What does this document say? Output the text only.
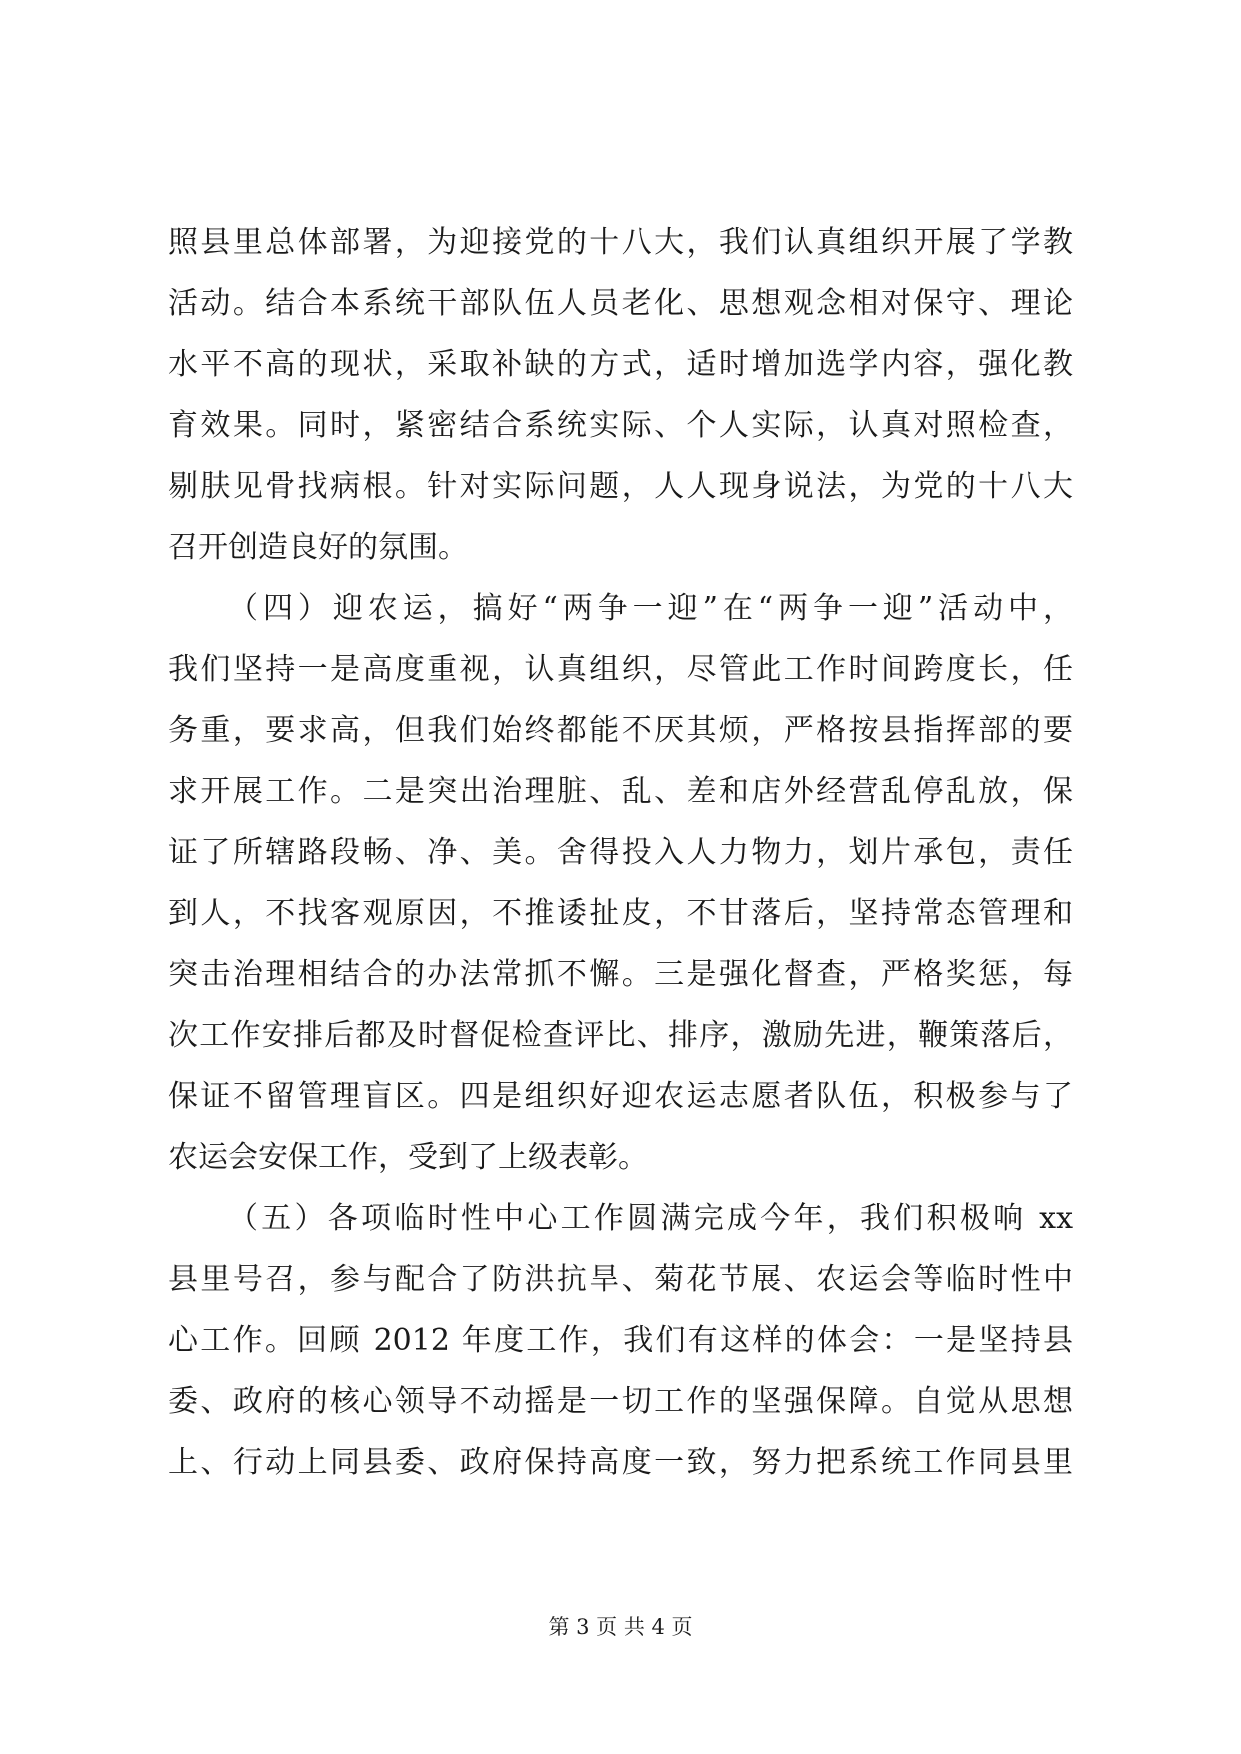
照县里总体部署，为迎接党的十八大，我们认真组织开展了学教
活动。结合本系统干部队伍人员老化、思想观念相对保守、理论
水平不高的现状，采取补缺的方式，适时增加选学内容，强化教
育效果。同时，紧密结合系统实际、个人实际，认真对照检查，
剔肤见骨找病根。针对实际问题，人人现身说法，为党的十八大
召开创造良好的氛围。
（四）迎农运，搞好“两争一迎”在“两争一迎”活动中，
我们坚持一是高度重视，认真组织，尽管此工作时间跨度长，任
务重，要求高，但我们始终都能不厌其烦，严格按县指挥部的要
求开展工作。二是突出治理脏、乱、差和店外经营乱停乱放，保
证了所辖路段畅、净、美。舍得投入人力物力，划片承包，责任
到人，不找客观原因，不推诿扯皮，不甘落后，坚持常态管理和
突击治理相结合的办法常抓不懈。三是强化督查，严格奖惩，每
次工作安排后都及时督促检查评比、排序，激励先进，鞭策落后，
保证不留管理盲区。四是组织好迎农运志愿者队伍，积极参与了
农运会安保工作，受到了上级表彰。
（五）各项临时性中心工作圆满完成今年，我们积极响 xx
县里号召，参与配合了防洪抗旱、菊花节展、农运会等临时性中
心工作。回顾 2012 年度工作，我们有这样的体会：一是坚持县
委、政府的核心领导不动摇是一切工作的坚强保障。自觉从思想
上、行动上同县委、政府保持高度一致，努力把系统工作同县里
第 3 页 共 4 页
